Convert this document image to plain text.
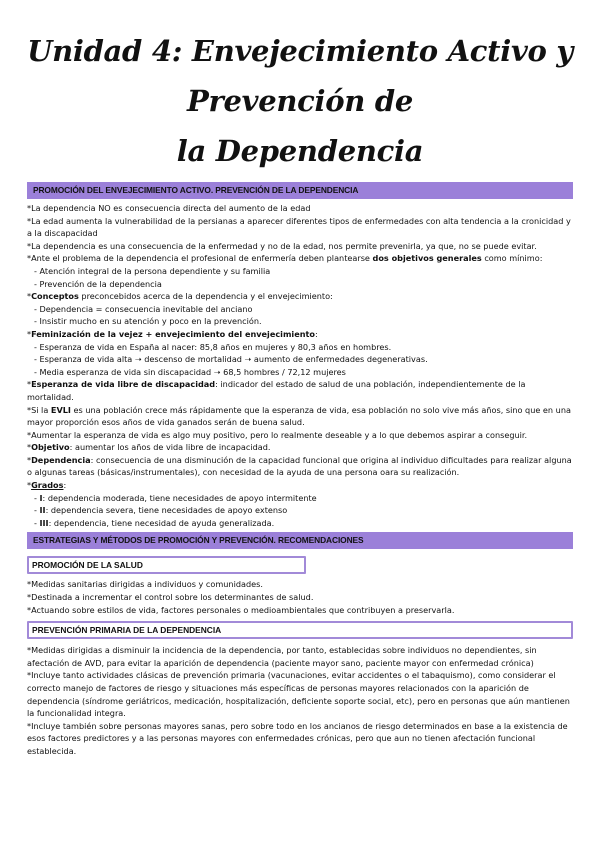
Unidad 4: Envejecimiento Activo y Prevención de
la Dependencia
PROMOCIÓN DEL ENVEJECIMIENTO ACTIVO. PREVENCIÓN DE LA DEPENDENCIA

*La dependencia NO es consecuencia directa del aumento de la edad

*La edad aumenta la vulnerabilidad de la persianas a aparecer diferentes tipos de enfermedades con alta tendencia a la cronicidad y a la discapacidad

*La dependencia es una consecuencia de la enfermedad y no de la edad, nos permite prevenirla, ya que, no se puede evitar.

*Ante el problema de la dependencia el profesional de enfermería deben plantearse dos objetivos generales como mínimo:

- Atención integral de la persona dependiente y su familia

- Prevención de la dependencia

*Conceptos preconcebidos acerca de la dependencia y el envejecimiento:

- Dependencia = consecuencia inevitable del anciano

- Insistir mucho en su atención y poco en la prevención.

*Feminización de la vejez + envejecimiento del envejecimiento:

- Esperanza de vida en España al nacer: 85,8 años en mujeres y 80,3 años en hombres.

- Esperanza de vida alta ➝ descenso de mortalidad ➝ aumento de enfermedades degenerativas.

- Media esperanza de vida sin discapacidad ➝ 68,5 hombres / 72,12 mujeres

*Esperanza de vida libre de discapacidad: indicador del estado de salud de una población, independientemente de la mortalidad.

*Si la EVLI es una población crece más rápidamente que la esperanza de vida, esa población no solo vive más años, sino que en una mayor proporción esos años de vida ganados serán de buena salud.

*Aumentar la esperanza de vida es algo muy positivo, pero lo realmente deseable y a lo que debemos aspirar a conseguir.

*Objetivo: aumentar los años de vida libre de incapacidad.

*Dependencia: consecuencia de una disminución de la capacidad funcional que origina al individuo dificultades para realizar alguna o algunas tareas (básicas/instrumentales), con necesidad de la ayuda de una persona oara su realización.

*Grados:

- I: dependencia moderada, tiene necesidades de apoyo intermitente

- II: dependencia severa, tiene necesidades de apoyo extenso

- III: dependencia, tiene necesidad de ayuda generalizada.

ESTRATEGIAS Y MÉTODOS DE PROMOCIÓN Y PREVENCIÓN. RECOMENDACIONES
PROMOCIÓN DE LA SALUD

*Medidas sanitarias dirigidas a individuos y comunidades.

*Destinada a incrementar el control sobre los determinantes de salud.

*Actuando sobre estilos de vida, factores personales o medioambientales que contribuyen a preservarla.

PREVENCIÓN PRIMARIA DE LA DEPENDENCIA

*Medidas dirigidas a disminuir la incidencia de la dependencia, por tanto, establecidas sobre individuos no dependientes, sin afectación de AVD, para evitar la aparición de dependencia (paciente mayor sano, paciente mayor con enfermedad crónica)

*Incluye tanto actividades clásicas de prevención primaria (vacunaciones, evitar accidentes o el tabaquismo), como considerar el correcto manejo de factores de riesgo y situaciones más específicas de personas mayores relacionados con la aparición de dependencia (síndrome geriátricos, medicación, hospitalización, deficiente soporte social, etc), pero en personas que aún mantienen la funcionalidad integra.

*Incluye también sobre personas mayores sanas, pero sobre todo en los ancianos de riesgo determinados en base a la existencia de esos factores predictores y a las personas mayores con enfermedades crónicas, pero que aun no tienen afectación funcional establecida.
